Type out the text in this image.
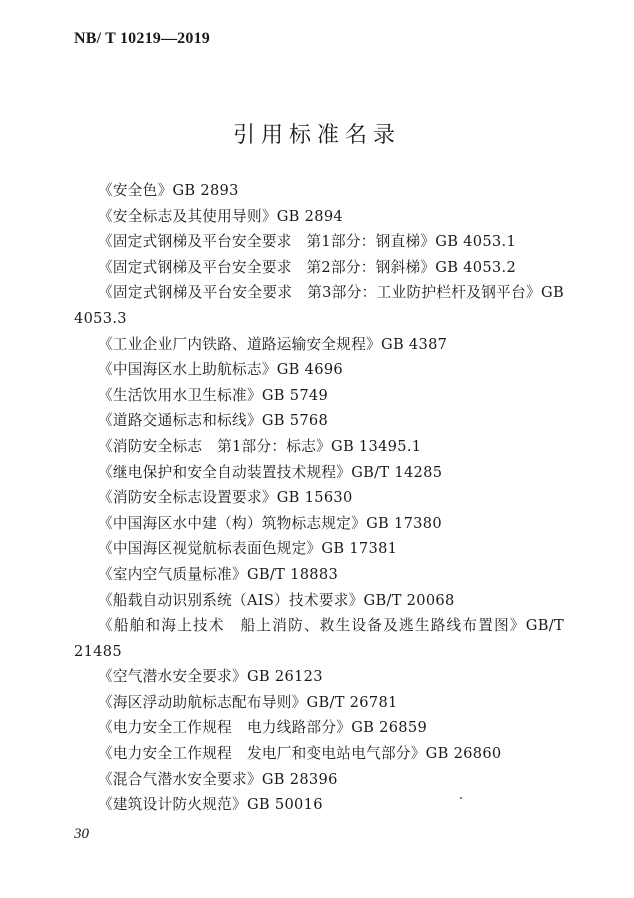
NB/ T 10219—2019
引用标准名录
《安全色》GB 2893
《安全标志及其使用导则》GB 2894
《固定式钢梯及平台安全要求　第1部分：钢直梯》GB 4053.1
《固定式钢梯及平台安全要求　第2部分：钢斜梯》GB 4053.2
《固定式钢梯及平台安全要求　第3部分：工业防护栏杆及钢平台》GB 4053.3
《工业企业厂内铁路、道路运输安全规程》GB 4387
《中国海区水上助航标志》GB 4696
《生活饮用水卫生标准》GB 5749
《道路交通标志和标线》GB 5768
《消防安全标志　第1部分：标志》GB 13495.1
《继电保护和安全自动装置技术规程》GB/T 14285
《消防安全标志设置要求》GB 15630
《中国海区水中建（构）筑物标志规定》GB 17380
《中国海区视觉航标表面色规定》GB 17381
《室内空气质量标准》GB/T 18883
《船载自动识别系统（AIS）技术要求》GB/T 20068
《船舶和海上技术　船上消防、救生设备及逃生路线布置图》GB/T 21485
《空气潜水安全要求》GB 26123
《海区浮动助航标志配布导则》GB/T 26781
《电力安全工作规程　电力线路部分》GB 26859
《电力安全工作规程　发电厂和变电站电气部分》GB 26860
《混合气潜水安全要求》GB 28396
《建筑设计防火规范》GB 50016
30
